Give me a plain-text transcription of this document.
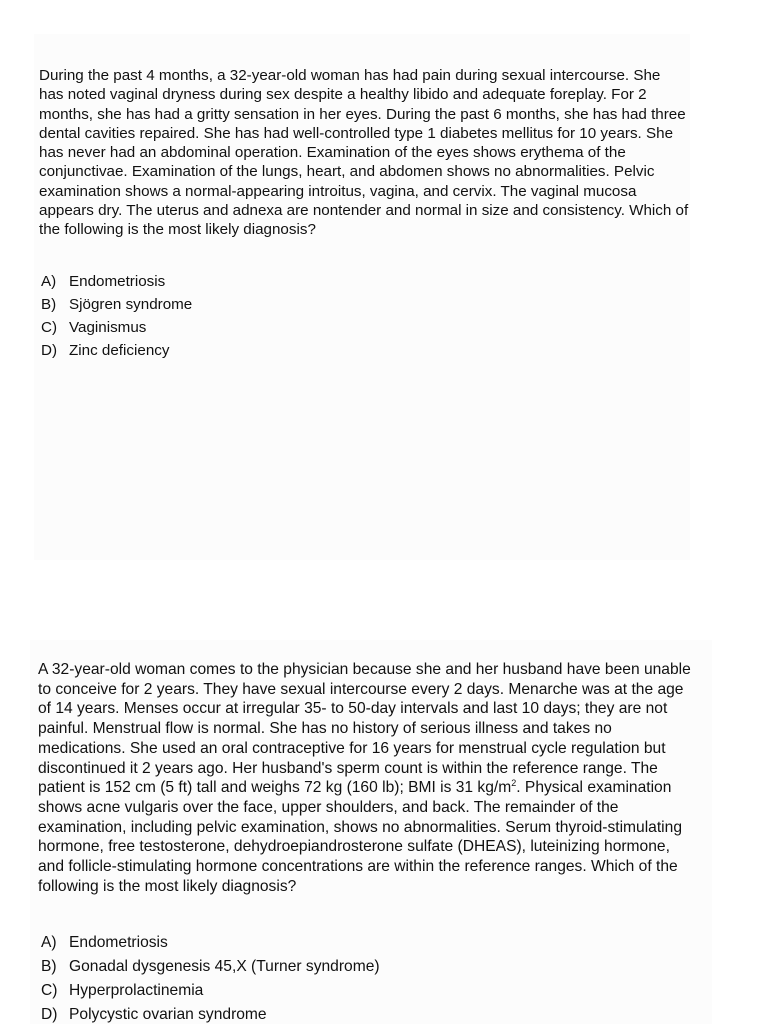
During the past 4 months, a 32-year-old woman has had pain during sexual intercourse. She has noted vaginal dryness during sex despite a healthy libido and adequate foreplay. For 2 months, she has had a gritty sensation in her eyes. During the past 6 months, she has had three dental cavities repaired. She has had well-controlled type 1 diabetes mellitus for 10 years. She has never had an abdominal operation. Examination of the eyes shows erythema of the conjunctivae. Examination of the lungs, heart, and abdomen shows no abnormalities. Pelvic examination shows a normal-appearing introitus, vagina, and cervix. The vaginal mucosa appears dry. The uterus and adnexa are nontender and normal in size and consistency. Which of the following is the most likely diagnosis?

A) Endometriosis
B) Sjögren syndrome
C) Vaginismus
D) Zinc deficiency

A 32-year-old woman comes to the physician because she and her husband have been unable to conceive for 2 years. They have sexual intercourse every 2 days. Menarche was at the age of 14 years. Menses occur at irregular 35- to 50-day intervals and last 10 days; they are not painful. Menstrual flow is normal. She has no history of serious illness and takes no medications. She used an oral contraceptive for 16 years for menstrual cycle regulation but discontinued it 2 years ago. Her husband's sperm count is within the reference range. The patient is 152 cm (5 ft) tall and weighs 72 kg (160 lb); BMI is 31 $kg/m^2$. Physical examination shows acne vulgaris over the face, upper shoulders, and back. The remainder of the examination, including pelvic examination, shows no abnormalities. Serum thyroid-stimulating hormone, free testosterone, dehydroepiandrosterone sulfate (DHEAS), luteinizing hormone, and follicle-stimulating hormone concentrations are within the reference ranges. Which of the following is the most likely diagnosis?

A) Endometriosis
B) Gonadal dysgenesis 45,X (Turner syndrome)
C) Hyperprolactinemia
D) Polycystic ovarian syndrome
